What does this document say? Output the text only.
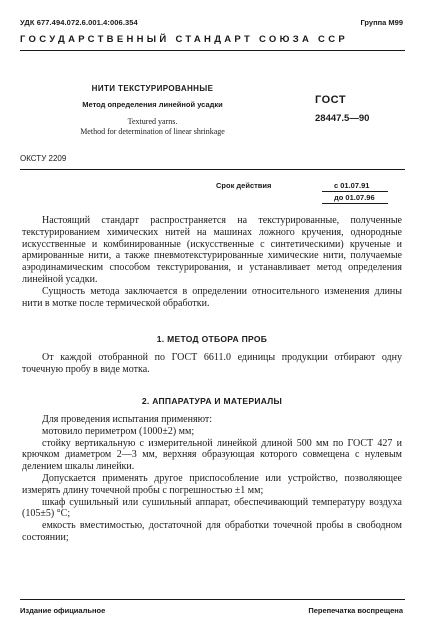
УДК 677.494.072.6.001.4:006.354	Группа М99
ГОСУДАРСТВЕННЫЙ СТАНДАРТ СОЮЗА ССР
НИТИ ТЕКСТУРИРОВАННЫЕ
Метод определения линейной усадки
Textured yarns.
Method for determination of linear shrinkage
ГОСТ
28447.5—90
ОКСТУ 2209
Срок действия	с 01.07.91
до 01.07.96

Настоящий стандарт распространяется на текстурированные, полученные текстурированием химических нитей на машинах ложного кручения, однородные искусственные и комбинированные (искусственные с синтетическими) крученые и армированные нити, а также пневмотекстурированные химические нити, получаемые аэродинамическим способом текстурирования, и устанавливает метод определения линейной усадки.

Сущность метода заключается в определении относительного изменения длины нити в мотке после термической обработки.

1. МЕТОД ОТБОРА ПРОБ

От каждой отобранной по ГОСТ 6611.0 единицы продукции отбирают одну точечную пробу в виде мотка.

2. АППАРАТУРА И МАТЕРИАЛЫ

Для проведения испытания применяют:

мотовило периметром (1000±2) мм;

стойку вертикальную с измерительной линейкой длиной 500 мм по ГОСТ 427 и крючком диаметром 2—3 мм, верхняя образующая которого совмещена с нулевым делением шкалы линейки.

Допускается применять другое приспособление или устройство, позволяющее измерять длину точечной пробы с погрешностью ±1 мм;

шкаф сушильный или сушильный аппарат, обеспечивающий температуру воздуха (105±5) °С;

емкость вместимостью, достаточной для обработки точечной пробы в свободном состоянии;

Издание официальное	Перепечатка воспрещена
